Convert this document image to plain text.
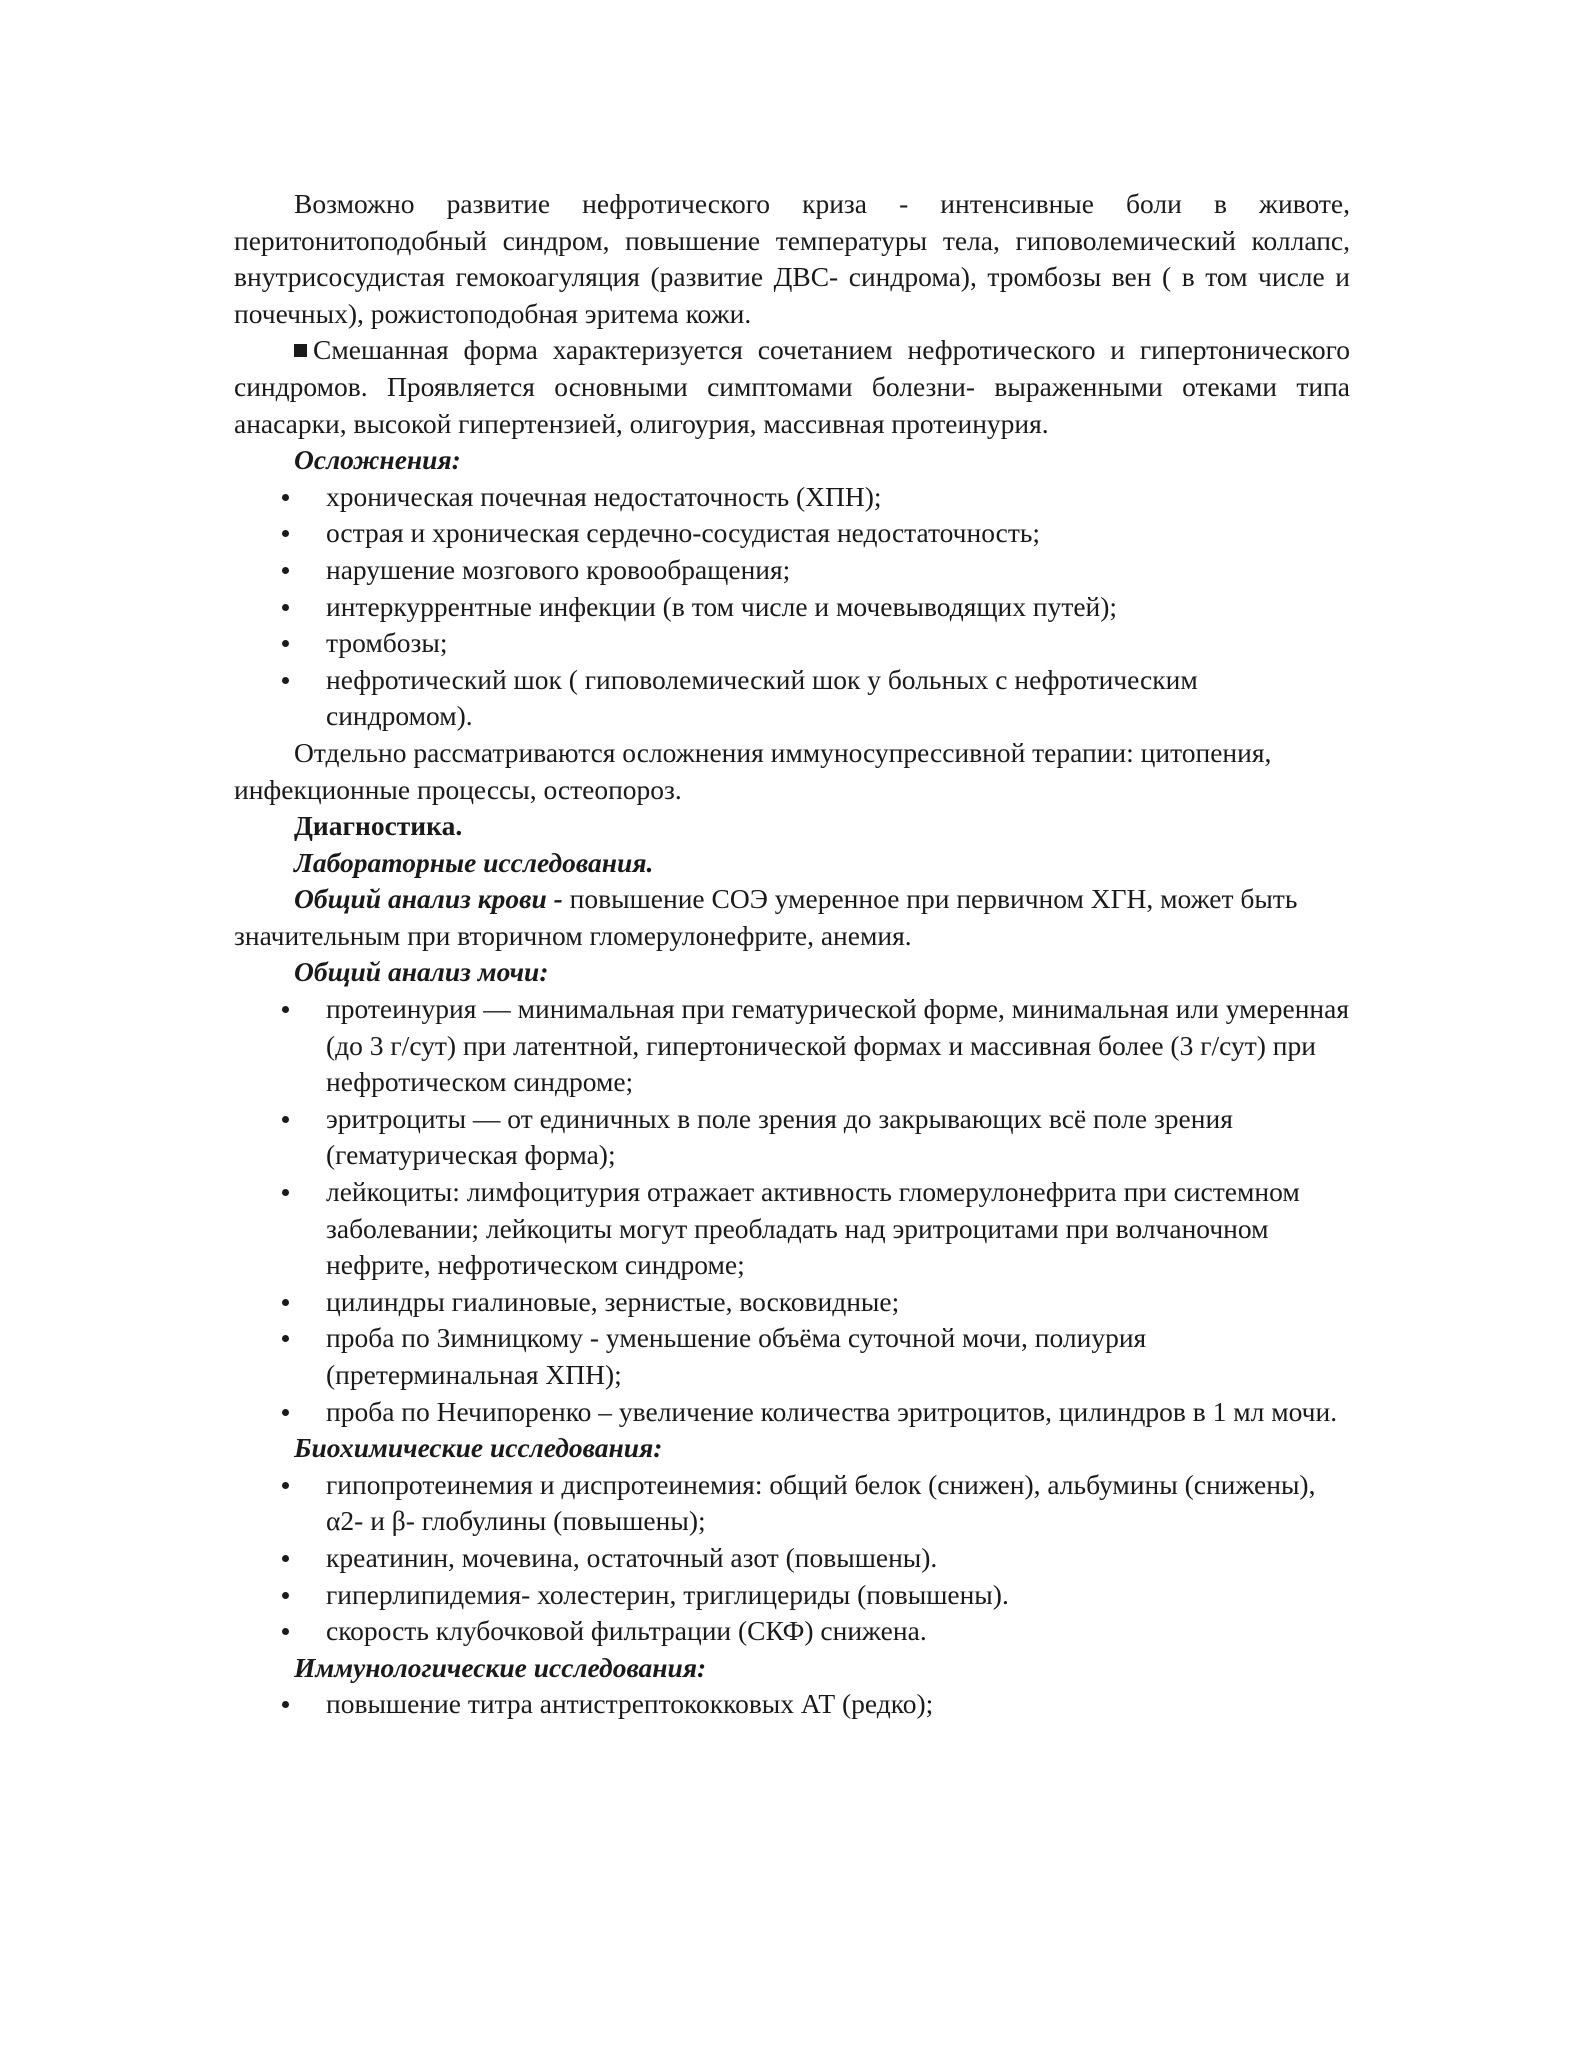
Возможно развитие нефротического криза - интенсивные боли в животе, перитонитоподобный синдром, повышение температуры тела, гиповолемический коллапс, внутрисосудистая гемокоагуляция (развитие ДВС- синдрома), тромбозы вен ( в том числе и почечных), рожистоподобная эритема кожи.

Смешанная форма характеризуется сочетанием нефротического и гипертонического синдромов. Проявляется основными симптомами болезни- выраженными отеками типа анасарки, высокой гипертензией, олигоурия, массивная протеинурия.

Осложнения:

хроническая почечная недостаточность (ХПН);
острая и хроническая сердечно-сосудистая недостаточность;
нарушение мозгового кровообращения;
интеркуррентные инфекции (в том числе и мочевыводящих путей);
тромбозы;
нефротический шок ( гиповолемический шок у больных с нефротическим синдромом).

Отдельно рассматриваются осложнения иммуносупрессивной терапии: цитопения, инфекционные процессы, остеопороз.

Диагностика.

Лабораторные исследования.

Общий анализ крови - повышение СОЭ умеренное при первичном ХГН, может быть значительным при вторичном гломерулонефрите, анемия.

Общий анализ мочи:

протеинурия — минимальная при гематурической форме, минимальная или умеренная (до 3 г/сут) при латентной, гипертонической формах и массивная более (3 г/сут) при нефротическом синдроме;
эритроциты — от единичных в поле зрения до закрывающих всё поле зрения (гематурическая форма);
лейкоциты: лимфоцитурия отражает активность гломерулонефрита при системном заболевании; лейкоциты могут преобладать над эритроцитами при волчаночном нефрите, нефротическом синдроме;
цилиндры гиалиновые, зернистые, восковидные;
проба по Зимницкому - уменьшение объёма суточной мочи, полиурия (претерминальная ХПН);
проба по Нечипоренко – увеличение количества эритроцитов, цилиндров в 1 мл мочи.

Биохимические исследования:

гипопротеинемия и диспротеинемия: общий белок (снижен), альбумины (снижены), α2- и β- глобулины (повышены);
креатинин, мочевина, остаточный азот (повышены).
гиперлипидемия- холестерин, триглицериды (повышены).
скорость клубочковой фильтрации (СКФ) снижена.

Иммунологические исследования:

повышение титра антистрептококковых АТ (редко);
